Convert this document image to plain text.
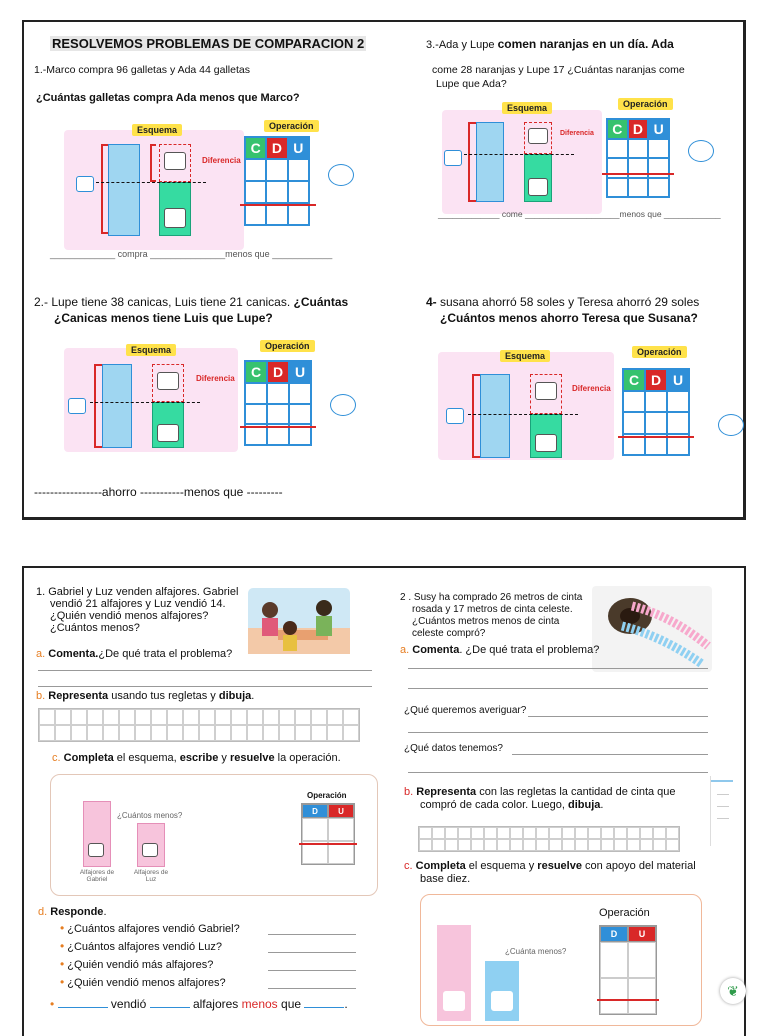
RESOLVEMOS PROBLEMAS DE COMPARACION 2
1.-Marco compra 96 galletas y Ada 44 galletas
¿Cuántas galletas compra Ada menos que Marco?
Esquema	Operación
Diferencia
C D U
_____________ compra _______________menos que ____________
3.-Ada y Lupe comen naranjas en un día. Ada
come 28 naranjas y Lupe 17 ¿Cuántas naranjas come
Lupe que Ada?
Esquema	Operación
Diferencia	C D U
_____________ come ____________________menos que ____________
2.- Lupe tiene 38 canicas, Luis tiene 21 canicas. ¿Cuántas
¿Canicas menos tiene Luis que Lupe?
Esquema	Operación
Diferencia	C D U
-----------------ahorro -----------menos que ---------
4- susana ahorró 58 soles y Teresa ahorró 29 soles
¿Cuántos menos ahorro Teresa que Susana?
Esquema	Operación
Diferencia
C D U
1. Gabriel y Luz venden alfajores. Gabriel
vendió 21 alfajores y Luz vendió 14.
¿Quién vendió menos alfajores?
¿Cuántos menos?
a. Comenta.¿De qué trata el problema?
b. Representa usando tus regletas y dibuja.
c. Completa el esquema, escribe y resuelve la operación.
¿Cuántos menos?
Alfajores de Gabriel
Alfajores de Luz
Operación
D	U
d. Responde.
• ¿Cuántos alfajores vendió Gabriel?
• ¿Cuántos alfajores vendió Luz?
• ¿Quién vendió más alfajores?
• ¿Quién vendió menos alfajores?
•	vendió	alfajores menos que	.
2 . Susy ha comprado 26 metros de cinta
rosada y 17 metros de cinta celeste.
¿Cuántos metros menos de cinta
celeste compró?
a. Comenta. ¿De qué trata el problema?
¿Qué queremos averiguar?
¿Qué datos tenemos?
b. Representa con las regletas la cantidad de cinta que
compró de cada color. Luego, dibuja.
c. Completa el esquema y resuelve con apoyo del material
base diez.
¿Cuánta menos?
Operación
D	U
❦
